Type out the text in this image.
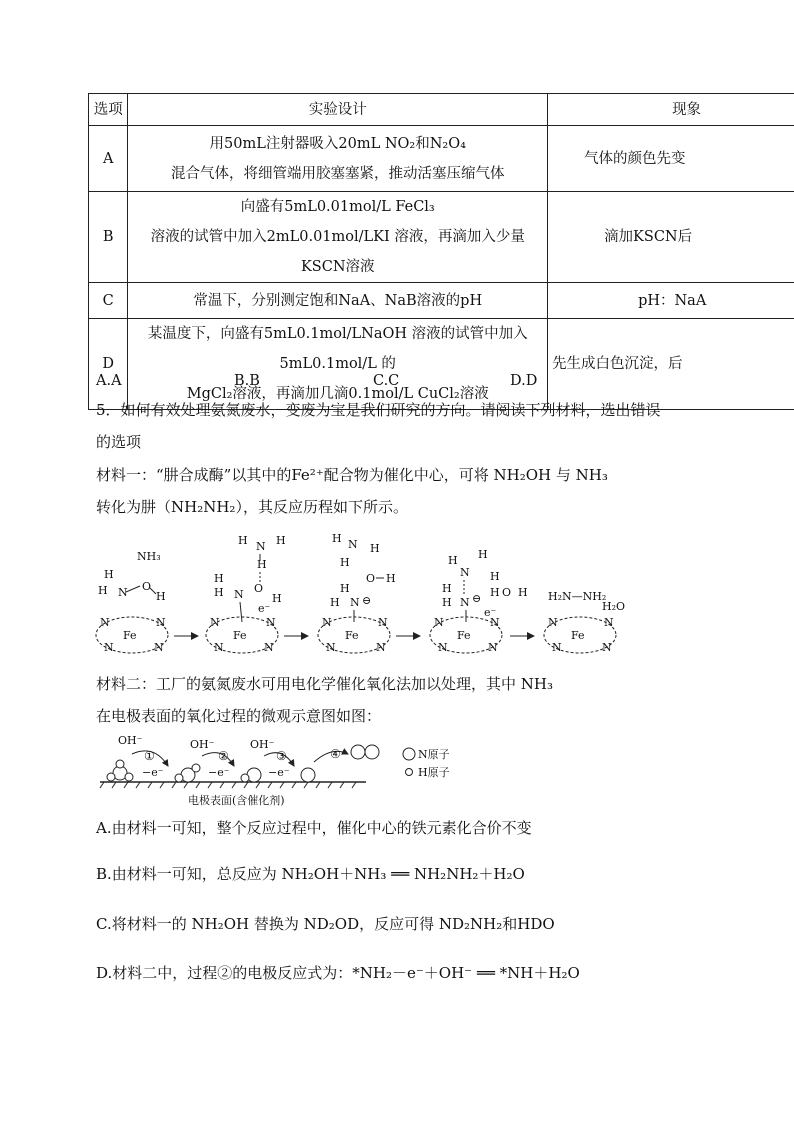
选项	实验设计	现象
A	用50mL注射器吸入20mL NO₂和N₂O₄
混合气体，将细管端用胶塞塞紧，推动活塞压缩气体	气体的颜色先变
B	向盛有5mL0.01mol/L FeCl₃
溶液的试管中加入2mL0.01mol/LKI 溶液，再滴加入少量KSCN溶液	滴加KSCN后
C	常温下，分别测定饱和NaA、NaB溶液的pH	pH：NaA
D	某温度下，向盛有5mL0.1mol/LNaOH 溶液的试管中加入5mL0.1mol/L 的
MgCl₂溶液，再滴加几滴0.1mol/L CuCl₂溶液	先生成白色沉淀，后
A.A	B.B	C.C	D.D
5．如何有效处理氨氮废水，变废为宝是我们研究的方向。请阅读下列材料，选出错误
的选项
材料一：“肼合成酶”以其中的Fe²⁺配合物为催化中心，可将 NH₂OH 与 NH₃
转化为肼（NH₂NH₂），其反应历程如下所示。
Fe
N	N
N	N
NH₃
H
H N O
H
Fe
N	N
N	N
H N H
H
H
H N O
H
e⁻
Fe
N	N
N	N
H N H
H
O H
H
H N ⊖
Fe
N	N
N	N
H H
N H
H O H
H
H N ⊖
e⁻
Fe
N	N
N	N
H₂N—NH₂
H₂O
材料二：工厂的氨氮废水可用电化学催化氧化法加以处理，其中 NH₃
在电极表面的氧化过程的微观示意图如图：
OH⁻	OH⁻	OH⁻
①	②	③	④
−e⁻	−e⁻	−e⁻
N原子
H原子
电极表面(含催化剂)
A.由材料一可知，整个反应过程中，催化中心的铁元素化合价不变
B.由材料一可知，总反应为 NH₂OH＋NH₃ ══ NH₂NH₂＋H₂O
C.将材料一的 NH₂OH 替换为 ND₂OD，反应可得 ND₂NH₂和HDO
D.材料二中，过程②的电极反应式为：*NH₂－e⁻＋OH⁻ ══ *NH＋H₂O
